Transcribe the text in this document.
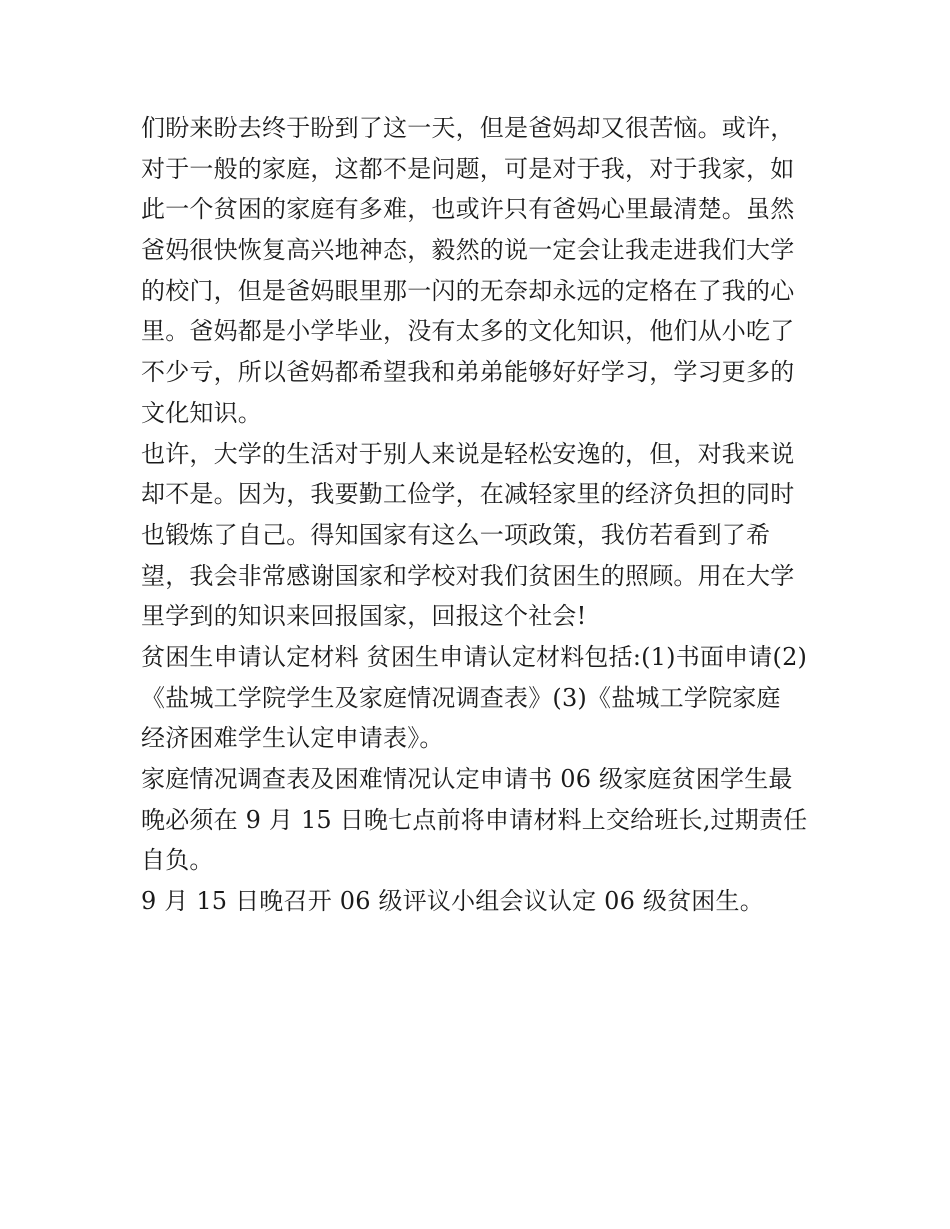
们盼来盼去终于盼到了这一天，但是爸妈却又很苦恼。或许，
对于一般的家庭，这都不是问题，可是对于我，对于我家，如
此一个贫困的家庭有多难，也或许只有爸妈心里最清楚。虽然
爸妈很快恢复高兴地神态，毅然的说一定会让我走进我们大学
的校门，但是爸妈眼里那一闪的无奈却永远的定格在了我的心
里。爸妈都是小学毕业，没有太多的文化知识，他们从小吃了
不少亏，所以爸妈都希望我和弟弟能够好好学习，学习更多的
文化知识。
也许，大学的生活对于别人来说是轻松安逸的，但，对我来说
却不是。因为，我要勤工俭学，在减轻家里的经济负担的同时
也锻炼了自己。得知国家有这么一项政策，我仿若看到了希
望，我会非常感谢国家和学校对我们贫困生的照顾。用在大学
里学到的知识来回报国家，回报这个社会!
贫困生申请认定材料 贫困生申请认定材料包括:(1)书面申请(2)
《盐城工学院学生及家庭情况调查表》(3)《盐城工学院家庭
经济困难学生认定申请表》。
家庭情况调查表及困难情况认定申请书 06 级家庭贫困学生最
晚必须在 9 月 15 日晚七点前将申请材料上交给班长,过期责任
自负。
9 月 15 日晚召开 06 级评议小组会议认定 06 级贫困生。
